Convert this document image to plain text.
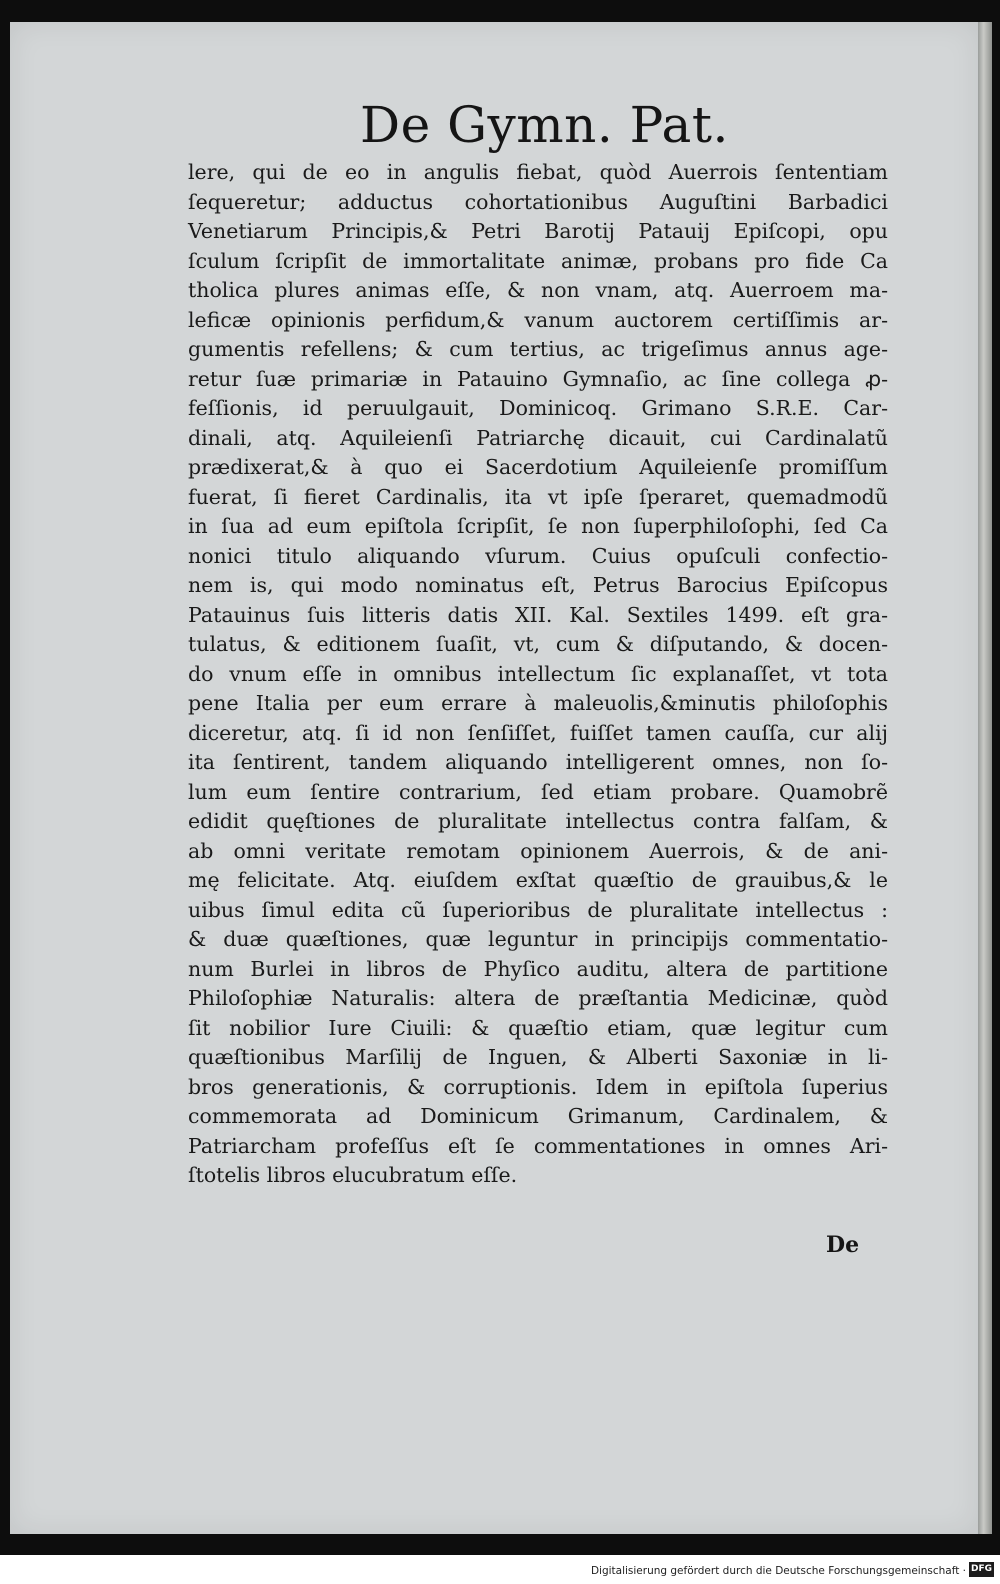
De Gymn. Pat.
lere, qui de eo in angulis fiebat, quòd Auerrois ſententiam
ſequeretur; adductus cohortationibus Auguſtini Barbadici
Venetiarum Principis,& Petri Barotij Patauij Epiſcopi, opu
ſculum ſcripſit de immortalitate animæ, probans pro fide Ca
tholica plures animas eſſe, & non vnam, atq. Auerroem ma-
leficæ opinionis perfidum,& vanum auctorem certiſſimis ar-
gumentis refellens; & cum tertius, ac trigeſimus annus age-
retur ſuæ primariæ in Patauino Gymnaſio, ac ſine collega ꝓ-
feſſionis, id peruulgauit, Dominicoq. Grimano S.R.E. Car-
dinali, atq. Aquileienſi Patriarchę dicauit, cui Cardinalatũ
prædixerat,& à quo ei Sacerdotium Aquileienſe promiſſum
fuerat, ſi fieret Cardinalis, ita vt ipſe ſperaret, quemadmodũ
in ſua ad eum epiſtola ſcripſit, ſe non ſuperphiloſophi, ſed Ca
nonici titulo aliquando vſurum. Cuius opuſculi confectio-
nem is, qui modo nominatus eſt, Petrus Barocius Epiſcopus
Patauinus ſuis litteris datis XII. Kal. Sextiles 1499. eſt gra-
tulatus, & editionem ſuaſit, vt, cum & diſputando, & docen-
do vnum eſſe in omnibus intellectum ſic explanaſſet, vt tota
pene Italia per eum errare à maleuolis,&minutis philoſophis
diceretur, atq. ſi id non ſenſiſſet, fuiſſet tamen cauſſa, cur alij
ita ſentirent, tandem aliquando intelligerent omnes, non ſo-
lum eum ſentire contrarium, ſed etiam probare. Quamobrẽ
edidit quęſtiones de pluralitate intellectus contra falſam, &
ab omni veritate remotam opinionem Auerrois, & de ani-
mę felicitate. Atq. eiuſdem exſtat quæſtio de grauibus,& le
uibus ſimul edita cũ ſuperioribus de pluralitate intellectus :
& duæ quæſtiones, quæ leguntur in principijs commentatio-
num Burlei in libros de Phyſico auditu, altera de partitione
Philoſophiæ Naturalis: altera de præſtantia Medicinæ, quòd
ſit nobilior Iure Ciuili: & quæſtio etiam, quæ legitur cum
quæſtionibus Marſilij de Inguen, & Alberti Saxoniæ in li-
bros generationis, & corruptionis. Idem in epiſtola ſuperius
commemorata ad Dominicum Grimanum, Cardinalem, &
Patriarcham profeſſus eſt ſe commentationes in omnes Ari-
ſtotelis libros elucubratum eſſe.
De
Digitalisierung gefördert durch die Deutsche Forschungsgemeinschaft · DFG
